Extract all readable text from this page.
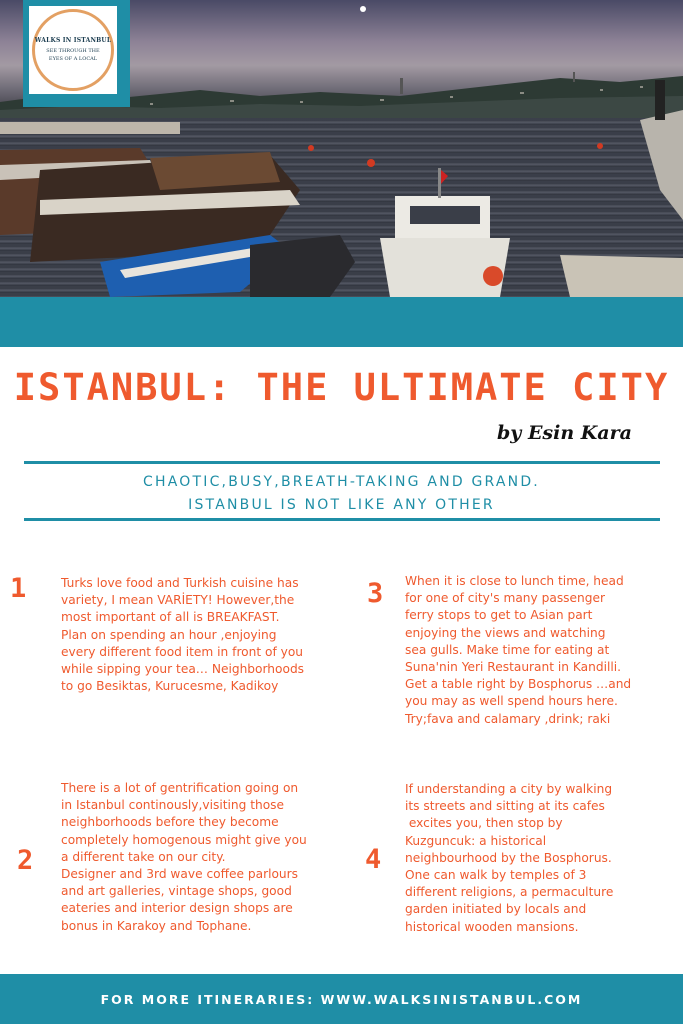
WALKS IN ISTANBUL
SEE THROUGH THE
EYES OF A LOCAL
ISTANBUL: THE ULTIMATE CITY
by Esin Kara
CHAOTIC,BUSY,BREATH-TAKING AND GRAND.
ISTANBUL IS NOT LIKE ANY OTHER
1	Turks love food and Turkish cuisine has
variety, I mean VARİETY! However,the
most important of all is BREAKFAST.
Plan on spending an hour ,enjoying
every different food item in front of you
while sipping your tea… Neighborhoods
to go Besiktas, Kurucesme, Kadikoy
3 When it is close to lunch time, head
for one of city's many passenger
ferry stops to get to Asian part
enjoying the views and watching
sea gulls. Make time for eating at
Suna'nin Yeri Restaurant in Kandilli.
Get a table right by Bosphorus …and
you may as well spend hours here.
Try;fava and calamary ,drink; raki
2
There is a lot of gentrification going on
in Istanbul continously,visiting those
neighborhoods before they become
completely homogenous might give you
a different take on our city.
Designer and 3rd wave coffee parlours
and art galleries, vintage shops, good
eateries and interior design shops are
bonus in Karakoy and Tophane.
4
If understanding a city by walking
its streets and sitting at its cafes
excites you, then stop by
Kuzguncuk: a historical
neighbourhood by the Bosphorus.
One can walk by temples of 3
different religions, a permaculture
garden initiated by locals and
historical wooden mansions.
FOR MORE ITINERARIES: WWW.WALKSINISTANBUL.COM
